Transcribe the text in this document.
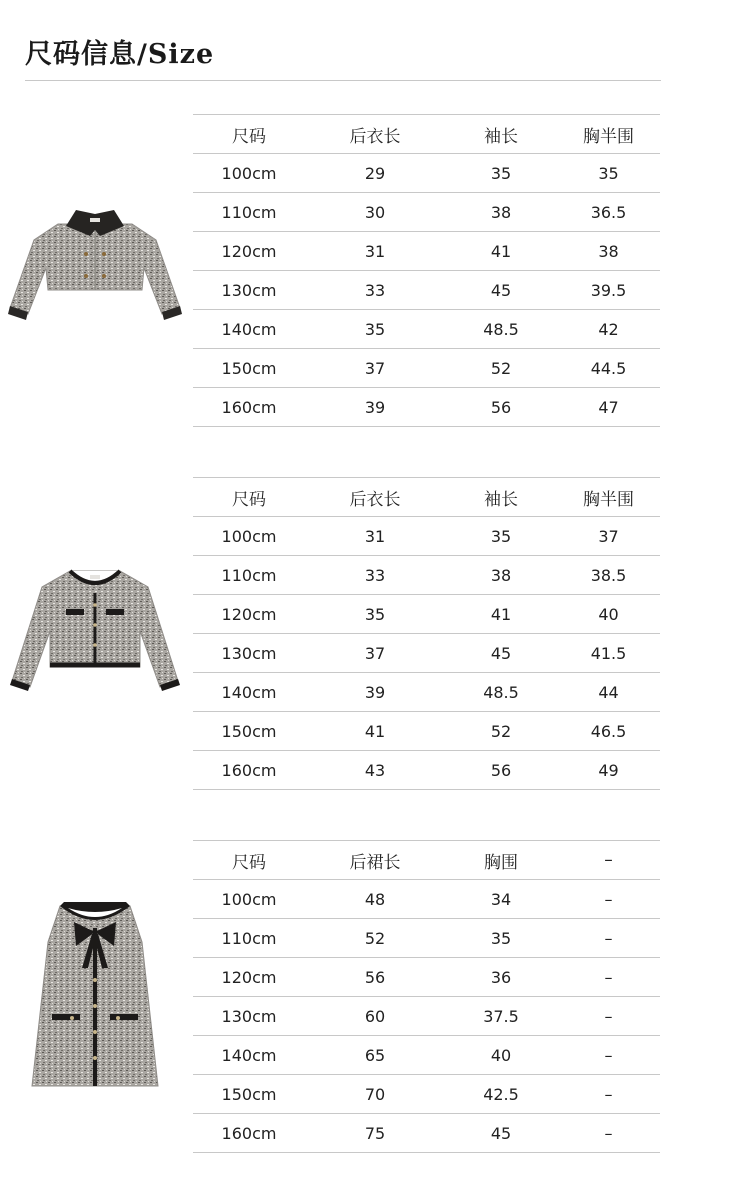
尺码信息/Size
尺码	后衣长	袖长	胸半围
100cm	29	35	35
110cm	30	38	36.5
120cm	31	41	38
130cm	33	45	39.5
140cm	35	48.5	42
150cm	37	52	44.5
160cm	39	56	47
尺码	后衣长	袖长	胸半围
100cm	31	35	37
110cm	33	38	38.5
120cm	35	41	40
130cm	37	45	41.5
140cm	39	48.5	44
150cm	41	52	46.5
160cm	43	56	49
尺码	后裙长	胸围	–
100cm	48	34	–
110cm	52	35	–
120cm	56	36	–
130cm	60	37.5	–
140cm	65	40	–
150cm	70	42.5	–
160cm	75	45	–
